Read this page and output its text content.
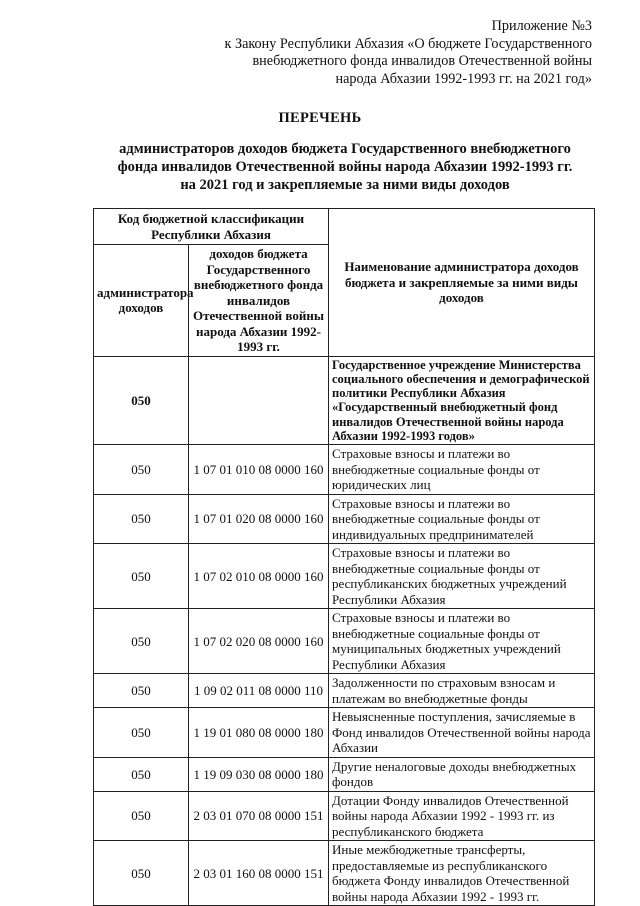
Приложение №3
к Закону Республики Абхазия «О бюджете Государственного
внебюджетного фонда инвалидов Отечественной войны
народа Абхазии 1992-1993 гг. на 2021 год»
ПЕРЕЧЕНЬ
администраторов доходов бюджета Государственного внебюджетного
фонда инвалидов Отечественной войны народа Абхазии 1992-1993 гг.
на 2021 год и закрепляемые за ними виды доходов
Код бюджетной классификации Республики Абхазия		Наименование администратора доходов бюджета и закрепляемые за ними виды доходов
администратора доходов	доходов бюджета Государственного внебюджетного фонда инвалидов Отечественной войны народа Абхазии 1992-1993 гг.	
050		Государственное учреждение Министерства социального обеспечения и демографической политики Республики Абхазия «Государственный внебюджетный фонд инвалидов Отечественной войны народа Абхазии 1992-1993 годов»
050	1 07 01 010 08 0000 160	Страховые взносы и платежи во внебюджетные социальные фонды от юридических лиц
050	1 07 01 020 08 0000 160	Страховые взносы и платежи во внебюджетные социальные фонды от индивидуальных предпринимателей
050	1 07 02 010 08 0000 160	Страховые взносы и платежи во внебюджетные социальные фонды от республиканских бюджетных учреждений Республики Абхазия
050	1 07 02 020 08 0000 160	Страховые взносы и платежи во внебюджетные социальные фонды от муниципальных бюджетных учреждений Республики Абхазия
050	1 09 02 011 08 0000 110	Задолженности по страховым взносам и платежам во внебюджетные фонды
050	1 19 01 080 08 0000 180	Невыясненные поступления, зачисляемые в Фонд инвалидов Отечественной войны народа Абхазии
050	1 19 09 030 08 0000 180	Другие неналоговые доходы внебюджетных фондов
050	2 03 01 070 08 0000 151	Дотации Фонду инвалидов Отечественной войны народа Абхазии 1992 - 1993 гг. из республиканского бюджета
050	2 03 01 160 08 0000 151	Иные межбюджетные трансферты, предоставляемые из республиканского бюджета Фонду инвалидов Отечественной войны народа Абхазии 1992 - 1993 гг.
